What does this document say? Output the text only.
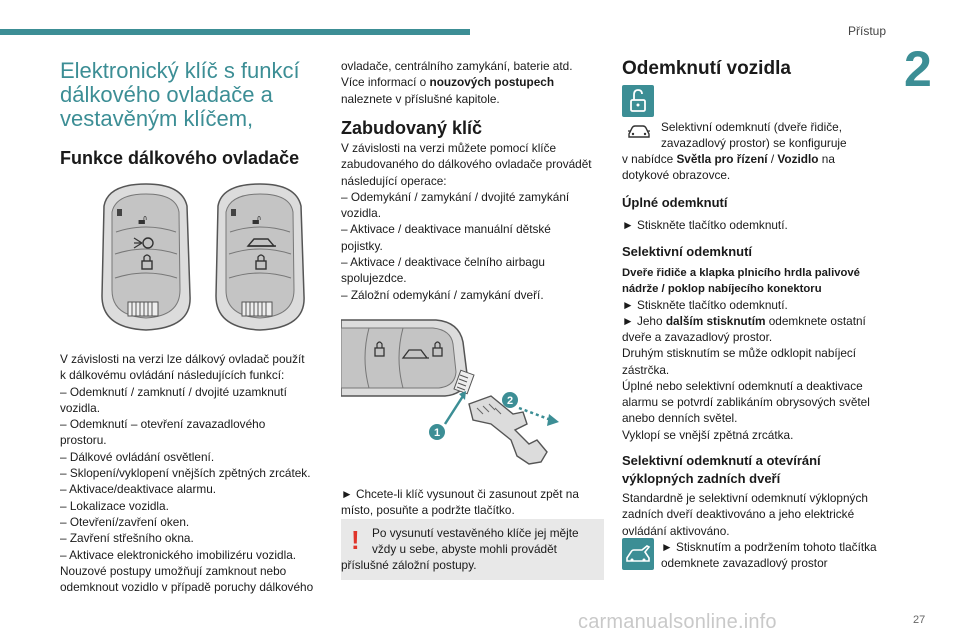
Přístup
2
Elektronický klíč s funkcí
dálkového ovladače a
vestavěným klíčem,
Funkce dálkového ovladače
🔓︎	🔓︎

V závislosti na verzi lze dálkový ovladač použít

k dálkovému ovládání následujících funkcí:

– Odemknutí / zamknutí / dvojité uzamknutí

vozidla.

– Odemknutí – otevření zavazadlového

prostoru.

– Dálkové ovládání osvětlení.

– Sklopení/vyklopení vnějších zpětných zrcátek.

– Aktivace/deaktivace alarmu.

– Lokalizace vozidla.

– Otevření/zavření oken.

– Zavření střešního okna.

– Aktivace elektronického imobilizéru vozidla.

Nouzové postupy umožňují zamknout nebo

odemknout vozidlo v případě poruchy dálkového

ovladače, centrálního zamykání, baterie atd.

Více informací o nouzových postupech

naleznete v příslušné kapitole.

Zabudovaný klíč

V závislosti na verzi můžete pomocí klíče

zabudovaného do dálkového ovladače provádět

následující operace:

– Odemykání / zamykání / dvojité zamykání

vozidla.

– Aktivace / deaktivace manuální dětské

pojistky.

– Aktivace / deaktivace čelního airbagu

spolujezdce.

– Záložní odemykání / zamykání dveří.

1
2

► Chcete-li klíč vysunout či zasunout zpět na

místo, posuňte a podržte tlačítko.

! Po vysunutí vestavěného klíče jej mějte

vždy u sebe, abyste mohli provádět

příslušné záložní postupy.

Odemknutí vozidla

Selektivní odemknutí (dveře řidiče,

zavazadlový prostor) se konfiguruje

v nabídce Světla pro řízení / Vozidlo na

dotykové obrazovce.

Úplné odemknutí

► Stiskněte tlačítko odemknutí.

Selektivní odemknutí

Dveře řidiče a klapka plnicího hrdla palivové

nádrže / poklop nabíjecího konektoru

► Stiskněte tlačítko odemknutí.

► Jeho dalším stisknutím odemknete ostatní

dveře a zavazadlový prostor.

Druhým stisknutím se může odklopit nabíjecí

zástrčka.

Úplné nebo selektivní odemknutí a deaktivace

alarmu se potvrdí zablikáním obrysových světel

anebo denních světel.

Vyklopí se vnější zpětná zrcátka.

Selektivní odemknutí a otevírání
výklopných zadních dveří

Standardně je selektivní odemknutí výklopných

zadních dveří deaktivováno a jeho elektrické

ovládání aktivováno.

► Stisknutím a podržením tohoto tlačítka

odemknete zavazadlový prostor

carmanualsonline.info	27
